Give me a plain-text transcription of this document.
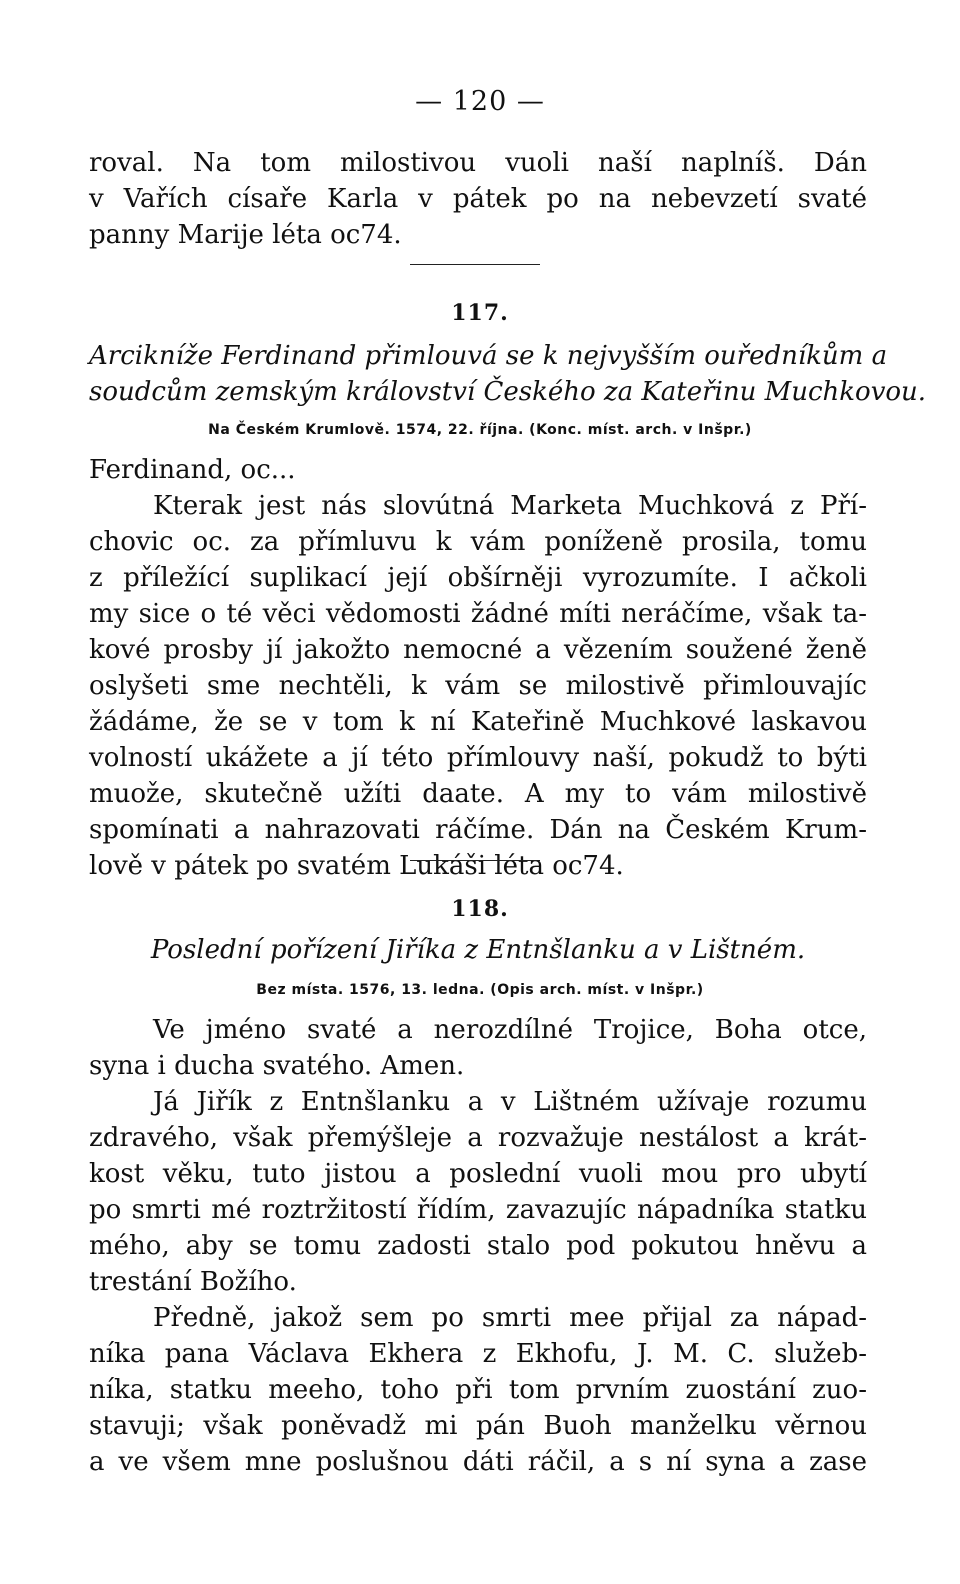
— 120 —
roval. Na tom milostivou vuoli naší naplníš. Dán
v Vařích císaře Karla v pátek po na nebevzetí svaté
panny Marije léta oc74.
117.
Arcikníže Ferdinand přimlouvá se k nejvyšším ouředníkům a
soudcům zemským království Českého za Kateřinu Muchkovou.
Na Českém Krumlově. 1574, 22. října. (Konc. míst. arch. v Inšpr.)
Ferdinand, oc...
Kterak jest nás slovútná Marketa Muchková z Pří-
chovic oc. za přímluvu k vám poníženě prosila, tomu
z příležící suplikací její obšírněji vyrozumíte. I ačkoli
my sice o té věci vědomosti žádné míti neráčíme, však ta-
kové prosby jí jakožto nemocné a vězením soužené ženě
oslyšeti sme nechtěli, k vám se milostivě přimlouvajíc
žádáme, že se v tom k ní Kateřině Muchkové laskavou
volností ukážete a jí této přímlouvy naší, pokudž to býti
muože, skutečně užíti daate. A my to vám milostivě
spomínati a nahrazovati ráčíme. Dán na Českém Krum-
lově v pátek po svatém Lukáši léta oc74.
118.
Poslední pořízení Jiříka z Entnšlanku a v Lištném.
Bez místa. 1576, 13. ledna. (Opis arch. míst. v Inšpr.)
Ve jméno svaté a nerozdílné Trojice, Boha otce,
syna i ducha svatého. Amen.
Já Jiřík z Entnšlanku a v Lištném užívaje rozumu
zdravého, však přemýšleje a rozvažuje nestálost a krát-
kost věku, tuto jistou a poslední vuoli mou pro ubytí
po smrti mé roztržitostí řídím, zavazujíc nápadníka statku
mého, aby se tomu zadosti stalo pod pokutou hněvu a
trestání Božího.
Předně, jakož sem po smrti mee přijal za nápad-
níka pana Václava Ekhera z Ekhofu, J. M. C. služeb-
níka, statku meeho, toho při tom prvním zuostání zuo-
stavuji; však poněvadž mi pán Buoh manželku věrnou
a ve všem mne poslušnou dáti ráčil, a s ní syna a zase
